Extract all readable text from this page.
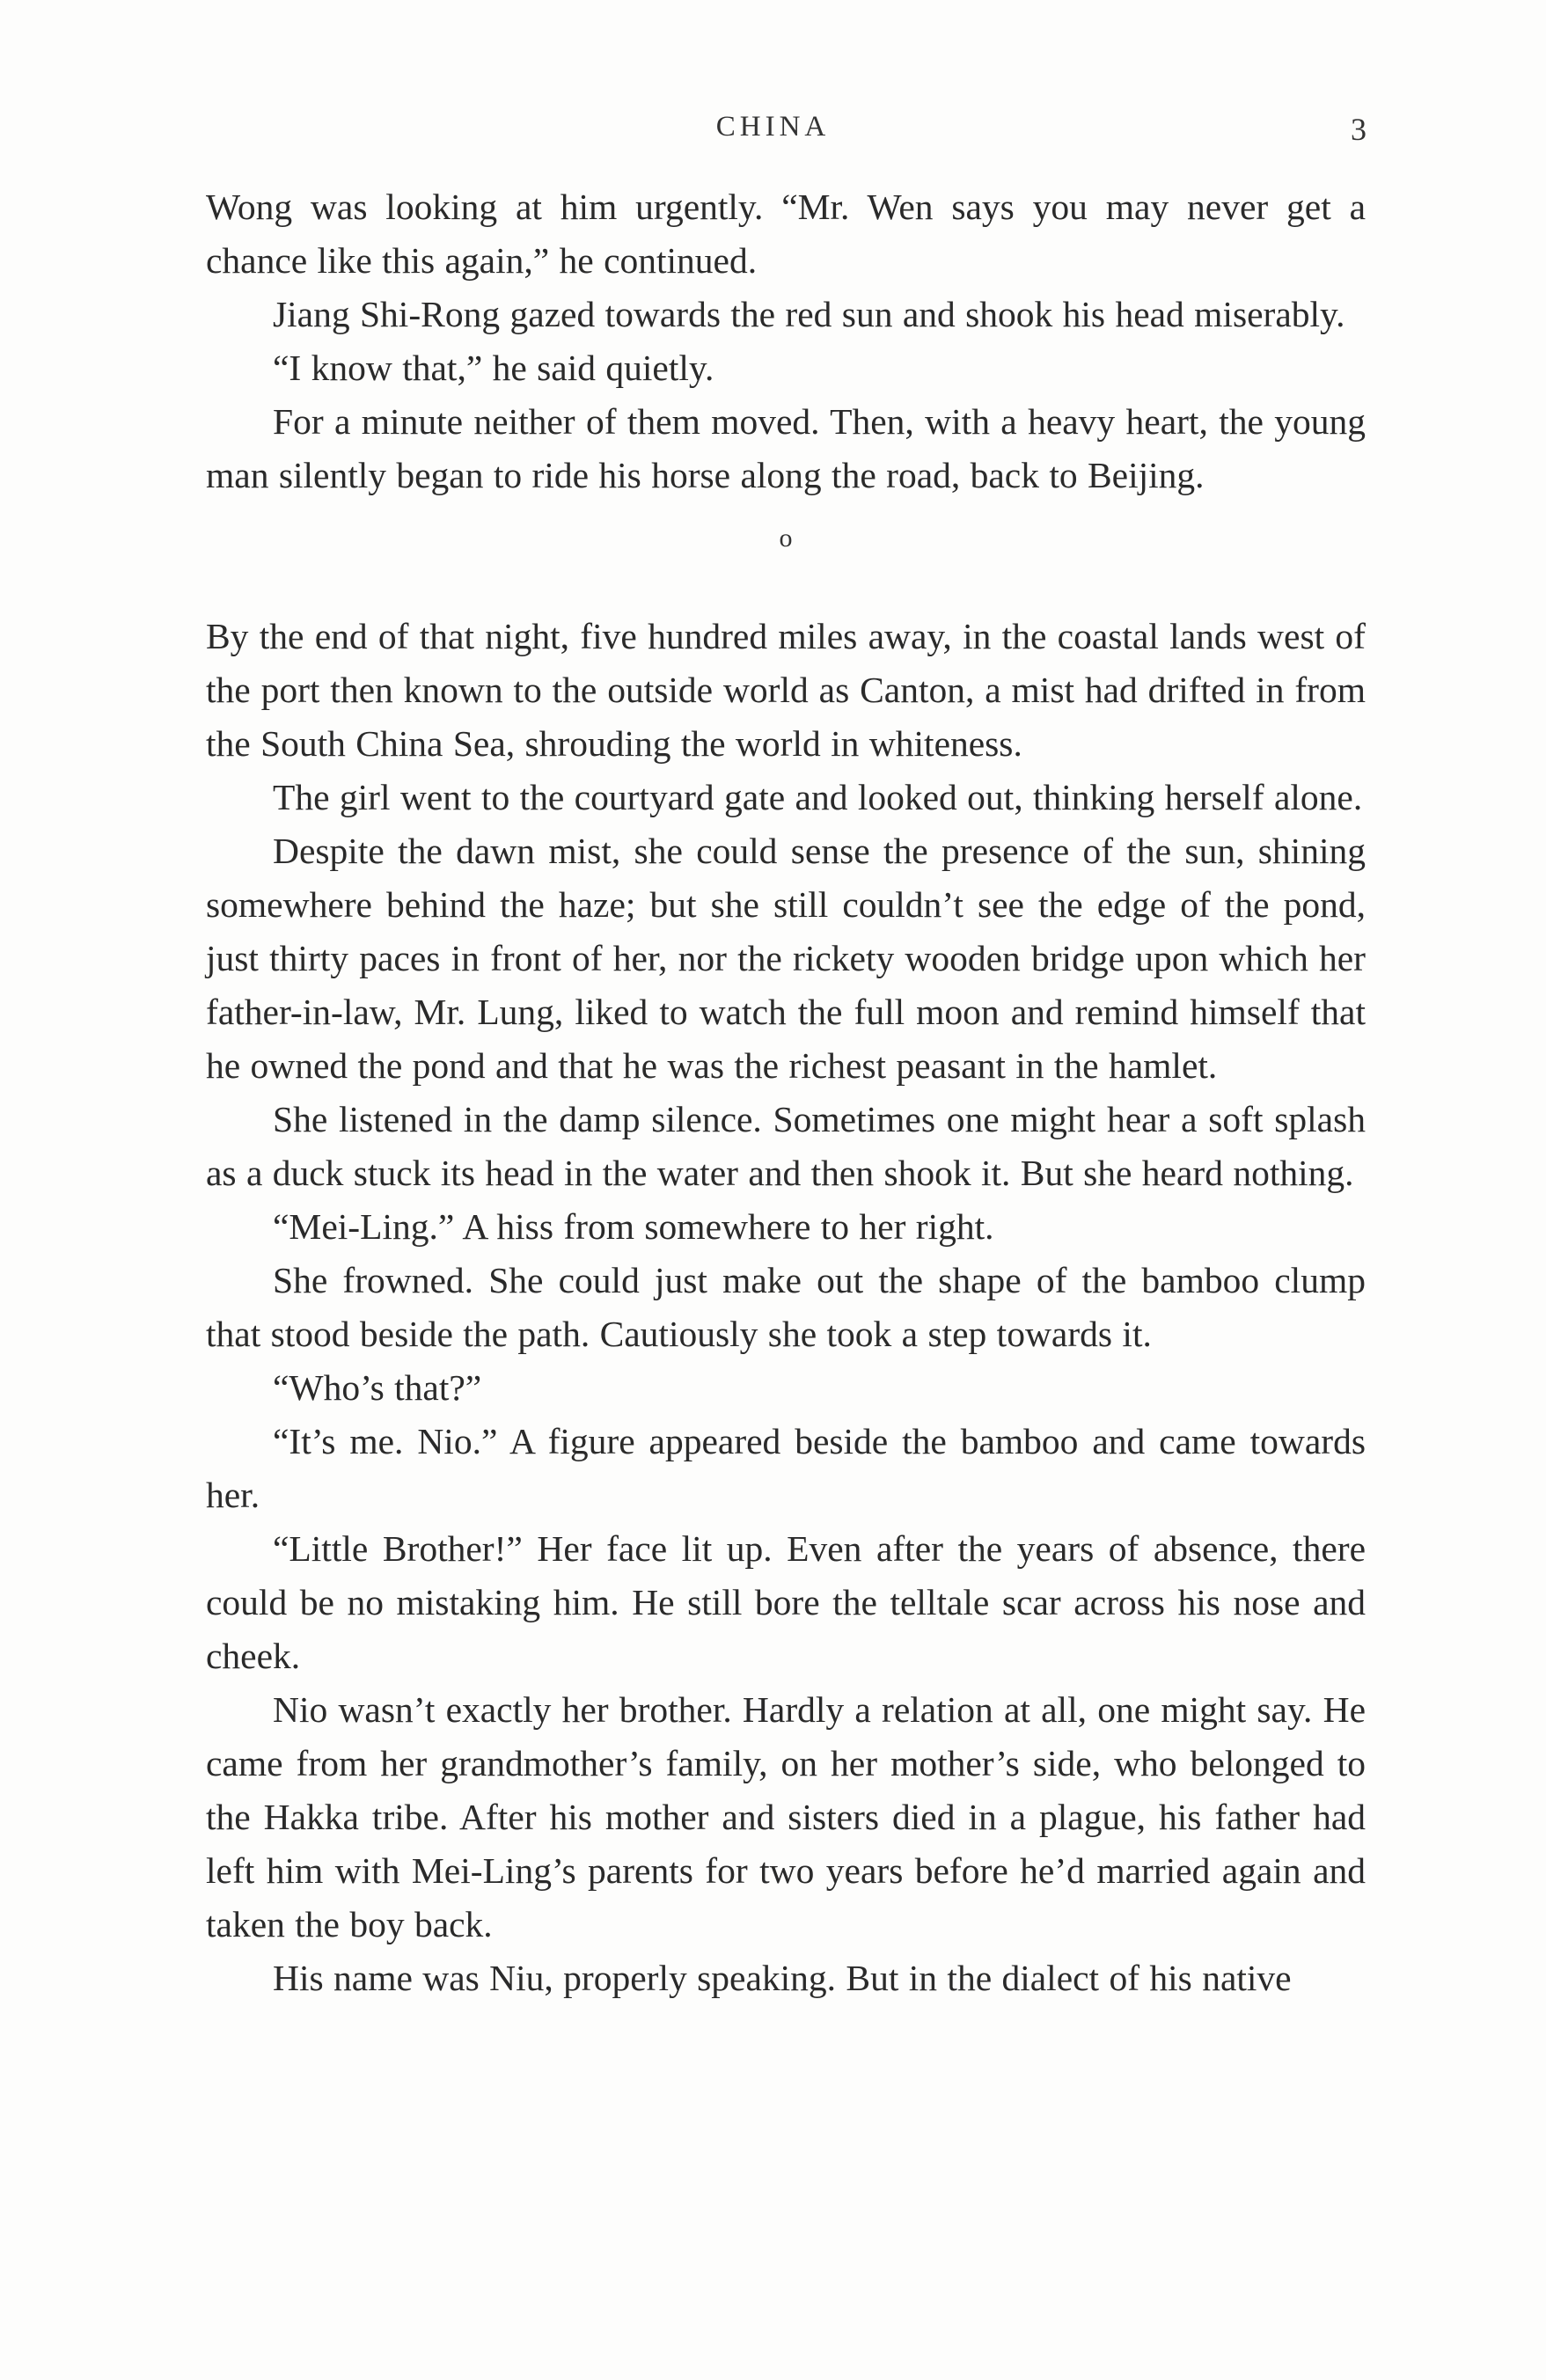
CHINA	3

Wong was looking at him urgently. “Mr. Wen says you may never get a chance like this again,” he continued.

Jiang Shi-Rong gazed towards the red sun and shook his head miserably.

“I know that,” he said quietly.

For a minute neither of them moved. Then, with a heavy heart, the young man silently began to ride his horse along the road, back to Beijing.

o

By the end of that night, five hundred miles away, in the coastal lands west of the port then known to the outside world as Canton, a mist had drifted in from the South China Sea, shrouding the world in whiteness.

The girl went to the courtyard gate and looked out, thinking herself alone.

Despite the dawn mist, she could sense the presence of the sun, shining somewhere behind the haze; but she still couldn’t see the edge of the pond, just thirty paces in front of her, nor the rickety wooden bridge upon which her father-in-law, Mr. Lung, liked to watch the full moon and remind himself that he owned the pond and that he was the richest peasant in the hamlet.

She listened in the damp silence. Sometimes one might hear a soft splash as a duck stuck its head in the water and then shook it. But she heard nothing.

“Mei-Ling.” A hiss from somewhere to her right.

She frowned. She could just make out the shape of the bamboo clump that stood beside the path. Cautiously she took a step towards it.

“Who’s that?”

“It’s me. Nio.” A figure appeared beside the bamboo and came towards her.

“Little Brother!” Her face lit up. Even after the years of absence, there could be no mistaking him. He still bore the telltale scar across his nose and cheek.

Nio wasn’t exactly her brother. Hardly a relation at all, one might say. He came from her grandmother’s family, on her mother’s side, who belonged to the Hakka tribe. After his mother and sisters died in a plague, his father had left him with Mei-Ling’s parents for two years before he’d married again and taken the boy back.

His name was Niu, properly speaking. But in the dialect of his native
